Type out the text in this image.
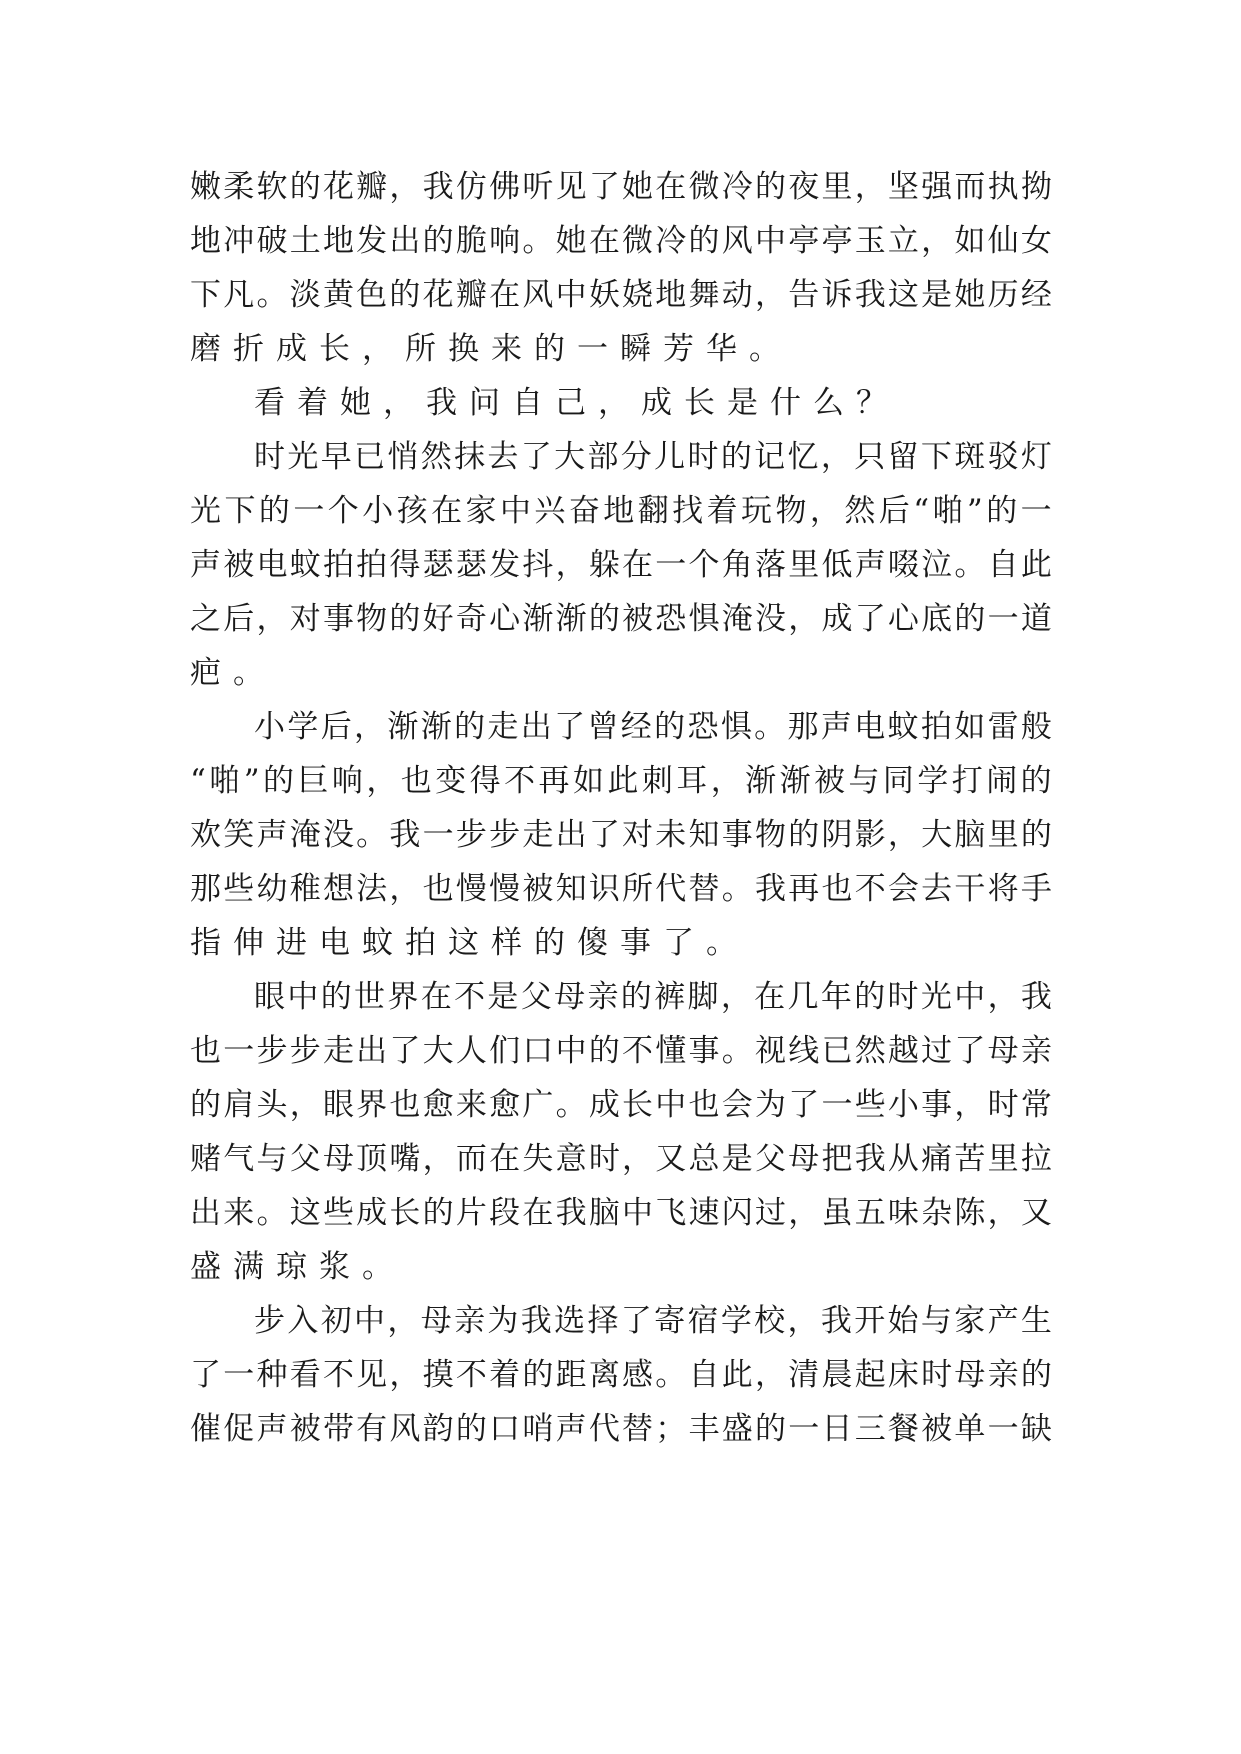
嫩 柔 软 的 花 瓣 ， 我 仿 佛 听 见 了 她 在 微 冷 的 夜 里 ， 坚 强 而 执 拗
地 冲 破 土 地 发 出 的 脆 响 。 她 在 微 冷 的 风 中 亭 亭 玉 立 ， 如 仙 女
下 凡 。 淡 黄 色 的 花 瓣 在 风 中 妖 娆 地 舞 动 ， 告 诉 我 这 是 她 历 经
磨 折 成 长 ， 所 换 来 的 一 瞬 芳 华 。
看 着 她 ， 我 问 自 己 ， 成 长 是 什 么 ？
时 光 早 已 悄 然 抹 去 了 大 部 分 儿 时 的 记 忆 ， 只 留 下 斑 驳 灯
光 下 的 一 个 小 孩 在 家 中 兴 奋 地 翻 找 着 玩 物 ， 然 后 “ 啪 ” 的 一
声 被 电 蚊 拍 拍 得 瑟 瑟 发 抖 ， 躲 在 一 个 角 落 里 低 声 啜 泣 。 自 此
之 后 ， 对 事 物 的 好 奇 心 渐 渐 的 被 恐 惧 淹 没 ， 成 了 心 底 的 一 道
疤 。
小 学 后 ， 渐 渐 的 走 出 了 曾 经 的 恐 惧 。 那 声 电 蚊 拍 如 雷 般
“ 啪 ” 的 巨 响 ， 也 变 得 不 再 如 此 刺 耳 ， 渐 渐 被 与 同 学 打 闹 的
欢 笑 声 淹 没 。 我 一 步 步 走 出 了 对 未 知 事 物 的 阴 影 ， 大 脑 里 的
那 些 幼 稚 想 法 ， 也 慢 慢 被 知 识 所 代 替 。 我 再 也 不 会 去 干 将 手
指 伸 进 电 蚊 拍 这 样 的 傻 事 了 。
眼 中 的 世 界 在 不 是 父 母 亲 的 裤 脚 ， 在 几 年 的 时 光 中 ， 我
也 一 步 步 走 出 了 大 人 们 口 中 的 不 懂 事 。 视 线 已 然 越 过 了 母 亲
的 肩 头 ， 眼 界 也 愈 来 愈 广 。 成 长 中 也 会 为 了 一 些 小 事 ， 时 常
赌 气 与 父 母 顶 嘴 ， 而 在 失 意 时 ， 又 总 是 父 母 把 我 从 痛 苦 里 拉
出 来 。 这 些 成 长 的 片 段 在 我 脑 中 飞 速 闪 过 ， 虽 五 味 杂 陈 ， 又
盛 满 琼 浆 。
步 入 初 中 ， 母 亲 为 我 选 择 了 寄 宿 学 校 ， 我 开 始 与 家 产 生
了 一 种 看 不 见 ， 摸 不 着 的 距 离 感 。 自 此 ， 清 晨 起 床 时 母 亲 的
催 促 声 被 带 有 风 韵 的 口 哨 声 代 替 ； 丰 盛 的 一 日 三 餐 被 单 一 缺
